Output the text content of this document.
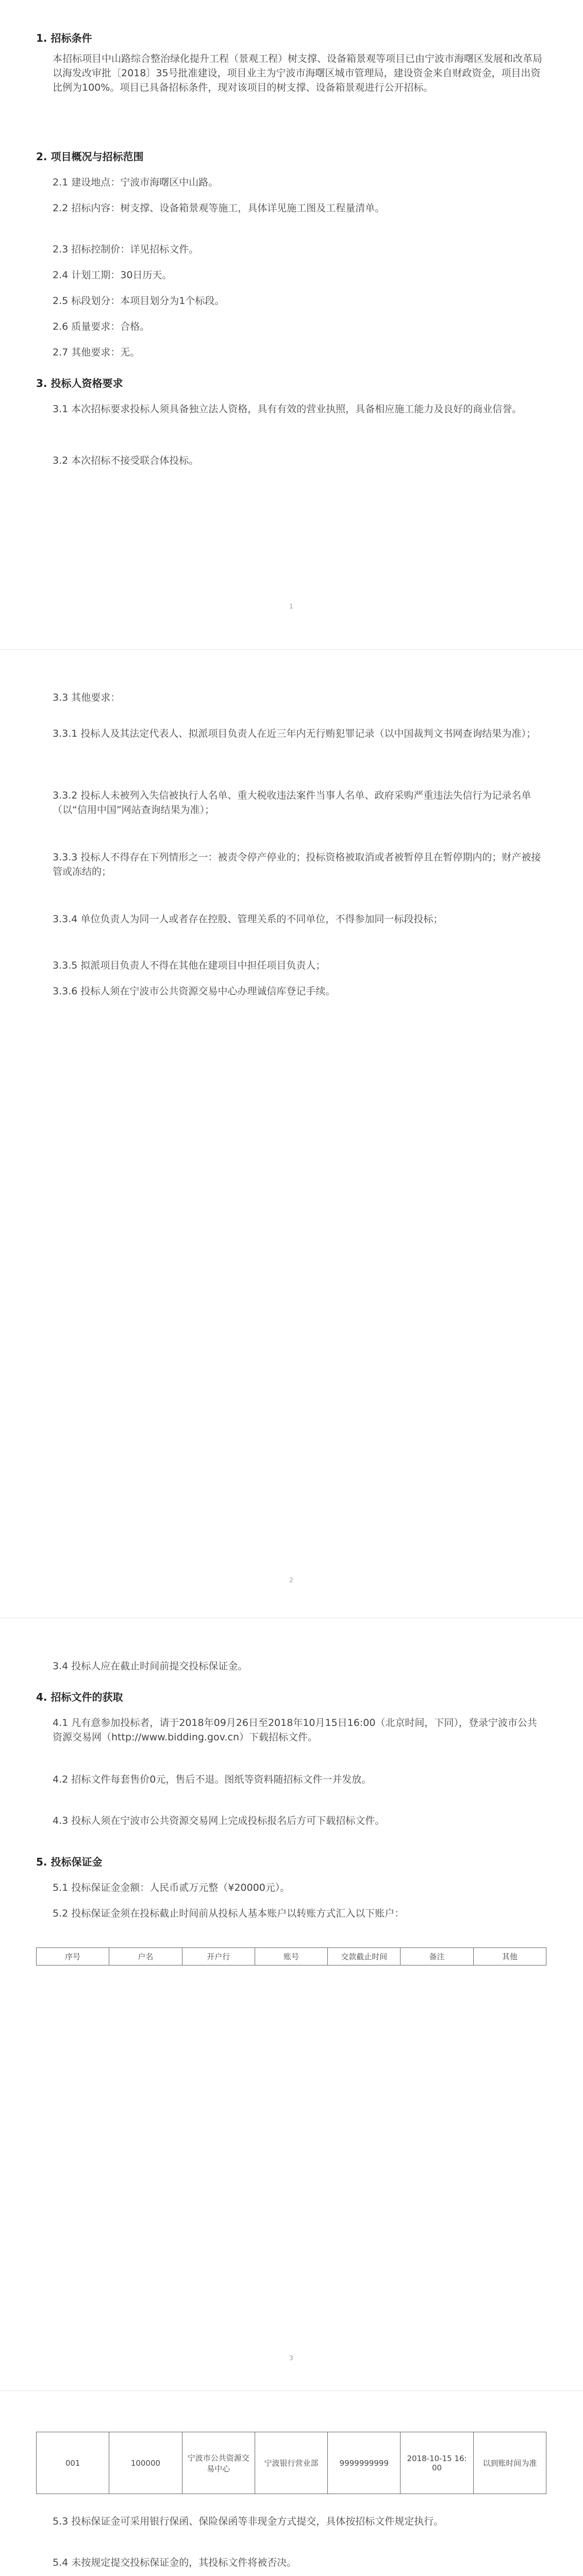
1. 招标条件
本招标项目中山路综合整治绿化提升工程（景观工程）树支撑、设备箱景观等项目已由宁波市海曙区发展和改革局以海发改审批〔2018〕35号批准建设，项目业主为宁波市海曙区城市管理局，建设资金来自财政资金，项目出资比例为100%。项目已具备招标条件，现对该项目的树支撑、设备箱景观进行公开招标。
2. 项目概况与招标范围
2.1 建设地点：宁波市海曙区中山路。
2.2 招标内容：树支撑、设备箱景观等施工，具体详见施工图及工程量清单。
2.3 招标控制价：详见招标文件。
2.4 计划工期：30日历天。
2.5 标段划分：本项目划分为1个标段。
2.6 质量要求：合格。
2.7 其他要求：无。
3. 投标人资格要求
3.1 本次招标要求投标人须具备独立法人资格，具有有效的营业执照，具备相应施工能力及良好的商业信誉。
3.2 本次招标不接受联合体投标。
1
3.3 其他要求：
3.3.1 投标人及其法定代表人、拟派项目负责人在近三年内无行贿犯罪记录（以中国裁判文书网查询结果为准）；
3.3.2 投标人未被列入失信被执行人名单、重大税收违法案件当事人名单、政府采购严重违法失信行为记录名单（以“信用中国”网站查询结果为准）；
3.3.3 投标人不得存在下列情形之一：被责令停产停业的；投标资格被取消或者被暂停且在暂停期内的；财产被接管或冻结的；
3.3.4 单位负责人为同一人或者存在控股、管理关系的不同单位，不得参加同一标段投标；
3.3.5 拟派项目负责人不得在其他在建项目中担任项目负责人；
3.3.6 投标人须在宁波市公共资源交易中心办理诚信库登记手续。
2
3.4 投标人应在截止时间前提交投标保证金。
4. 招标文件的获取
4.1 凡有意参加投标者，请于2018年09月26日至2018年10月15日16:00（北京时间，下同），登录宁波市公共资源交易网（http://www.bidding.gov.cn）下载招标文件。
4.2 招标文件每套售价0元，售后不退。图纸等资料随招标文件一并发放。
4.3 投标人须在宁波市公共资源交易网上完成投标报名后方可下载招标文件。
5. 投标保证金
5.1 投标保证金金额：人民币贰万元整（¥20000元）。
5.2 投标保证金须在投标截止时间前从投标人基本账户以转账方式汇入以下账户：
序号	户名	开户行	账号	交款截止时间	备注	其他
3
001	100000	宁波市公共资源交易中心	宁波银行营业部	9999999999	2018-10-15 16:00	以到账时间为准
5.3 投标保证金可采用银行保函、保险保函等非现金方式提交，具体按招标文件规定执行。
5.4 未按规定提交投标保证金的，其投标文件将被否决。
